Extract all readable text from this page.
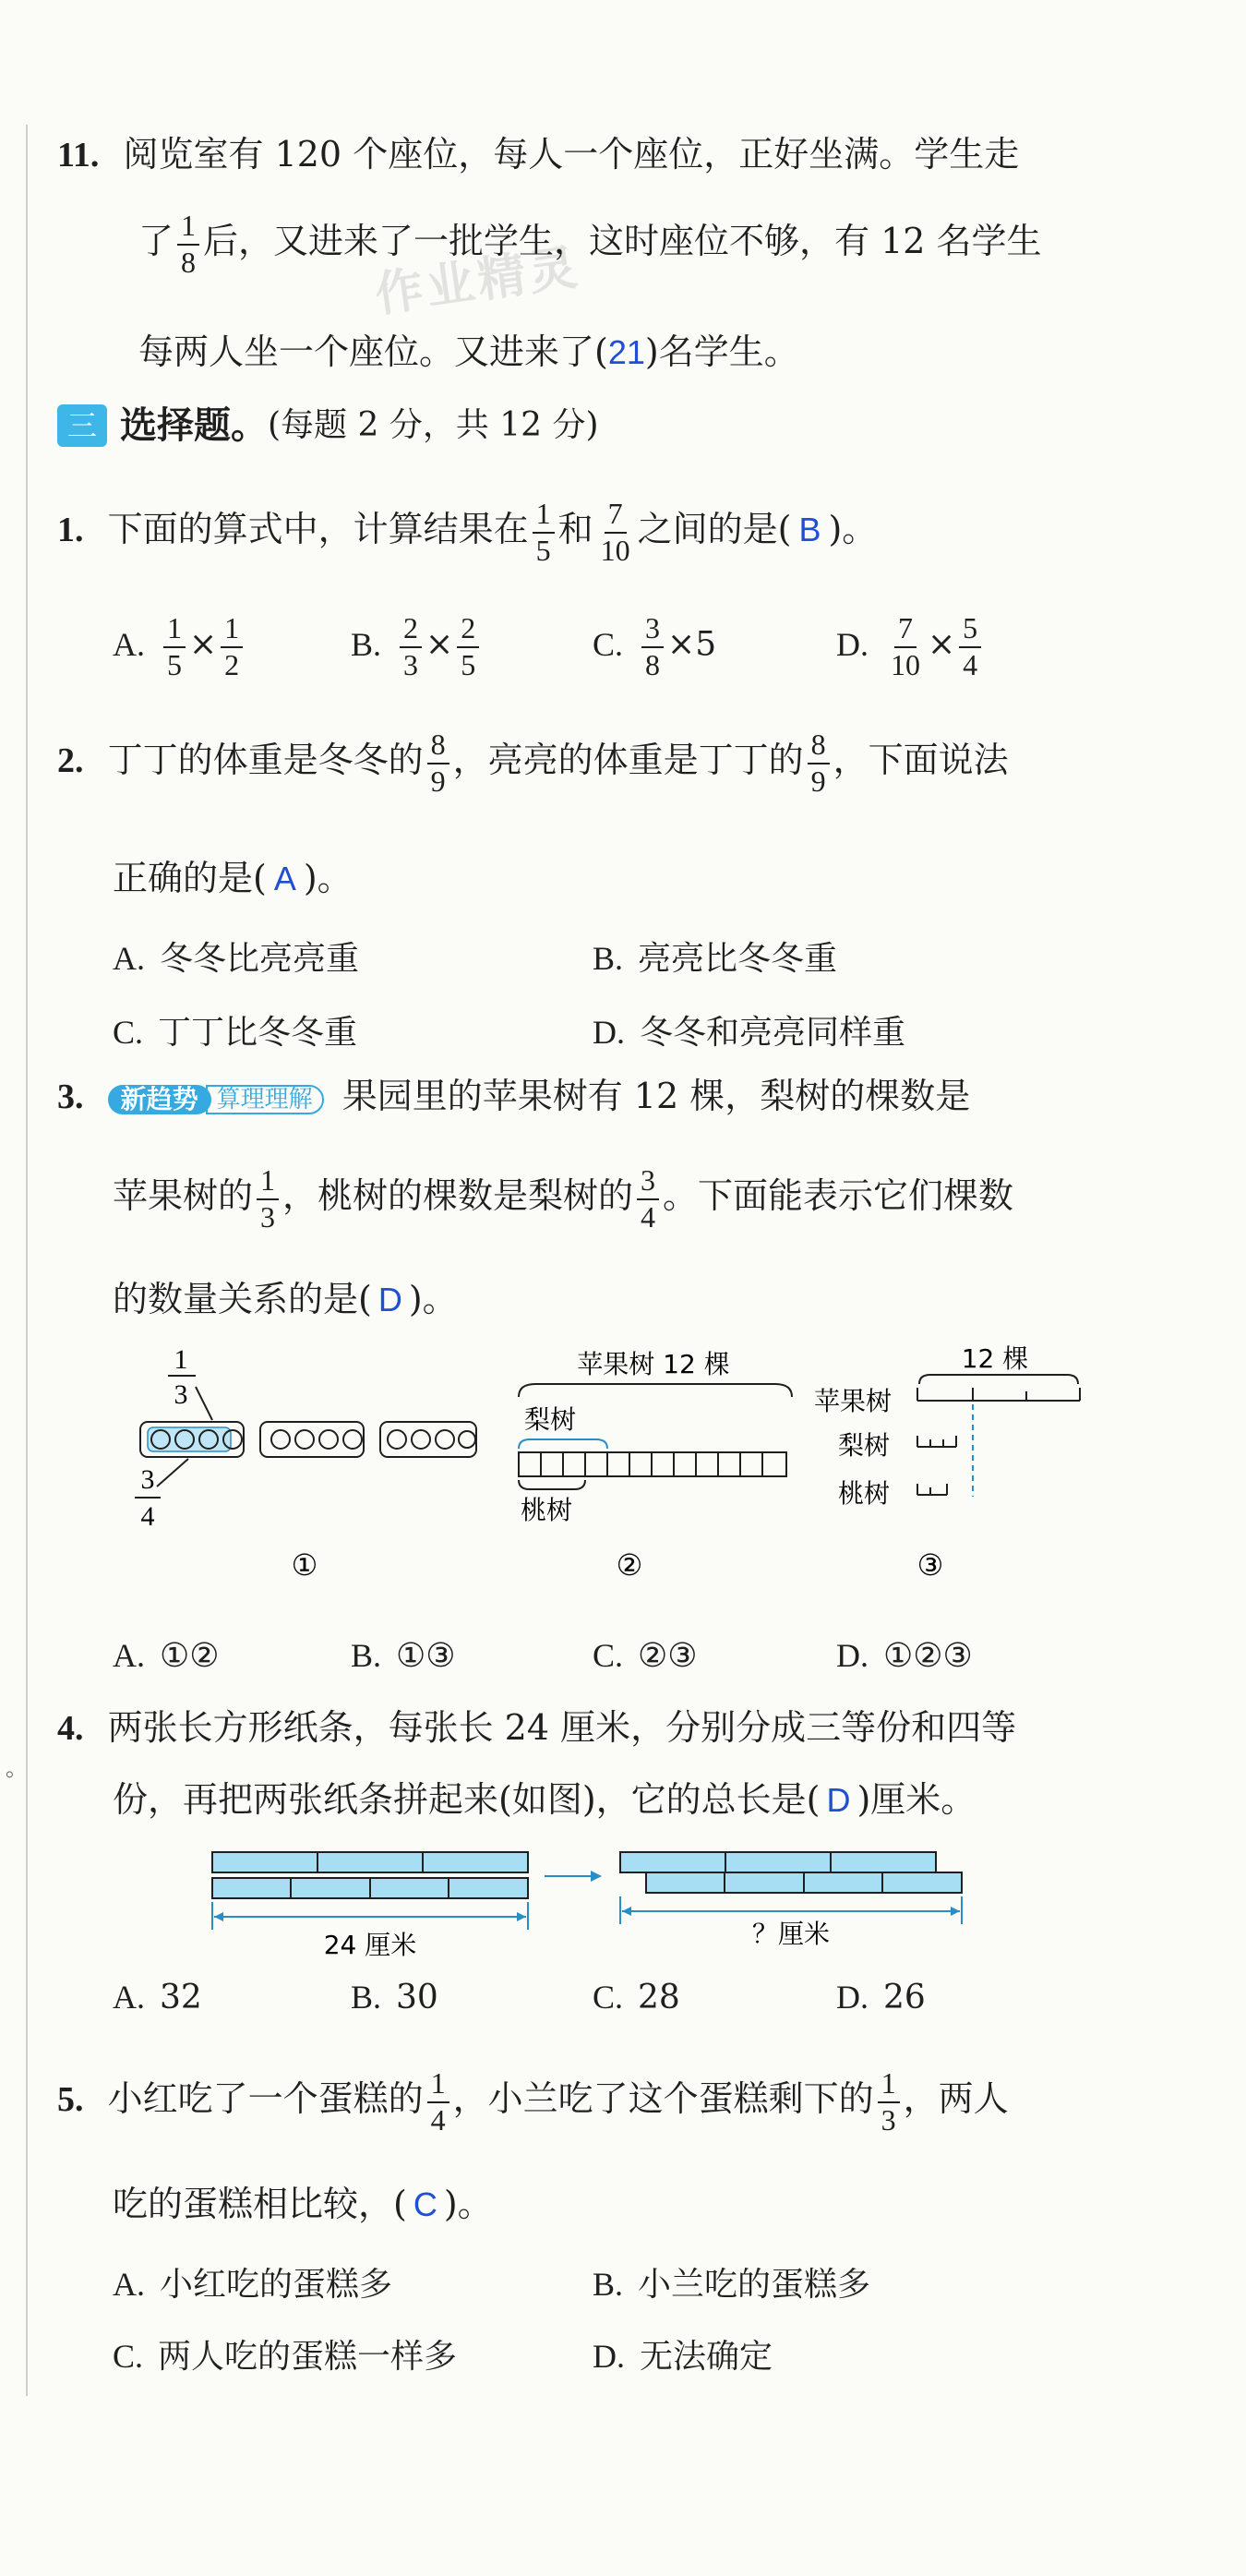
。
作业精灵
11. 阅览室有 120 个座位，每人一个座位，正好坐满。学生走
了 $\frac{1}{8}$ 后，又进来了一批学生，这时座位不够，有 12 名学生
每两人坐一个座位。又进来了(21)名学生。
三 选择题。(每题 2 分，共 12 分)
1. 下面的算式中，计算结果在 $\frac{1}{5}$ 和 $\frac{7}{10}$ 之间的是( B )。
A. $\frac{1}{5} \times \frac{1}{2}$	B. $\frac{2}{3} \times \frac{2}{5}$	C. $\frac{3}{8} \times 5$	D. $\frac{7}{10} \times \frac{5}{4}$
2. 丁丁的体重是冬冬的 $\frac{8}{9}$ ，亮亮的体重是丁丁的 $\frac{8}{9}$ ，下面说法
正确的是( A )。
A. 冬冬比亮亮重	B. 亮亮比冬冬重
C. 丁丁比冬冬重	D. 冬冬和亮亮同样重
3. 新趋势 算理理解 果园里的苹果树有 12 棵，梨树的棵数是
苹果树的 $\frac{1}{3}$ ，桃树的棵数是梨树的 $\frac{3}{4}$ 。下面能表示它们棵数
的数量关系的是( D )。
1
3
3
4
①
苹果树 12 棵
梨树
桃树
②
12 棵
苹果树
梨树
桃树
③
A. ①②	B. ①③	C. ②③	D. ①②③
4. 两张长方形纸条，每张长 24 厘米，分别分成三等份和四等
份，再把两张纸条拼起来(如图)，它的总长是( D )厘米。
24 厘米	？厘米
A. 32	B. 30	C. 28	D. 26
5. 小红吃了一个蛋糕的 $\frac{1}{4}$ ，小兰吃了这个蛋糕剩下的 $\frac{1}{3}$ ，两人
吃的蛋糕相比较，( C )。
A. 小红吃的蛋糕多	B. 小兰吃的蛋糕多
C. 两人吃的蛋糕一样多	D. 无法确定
